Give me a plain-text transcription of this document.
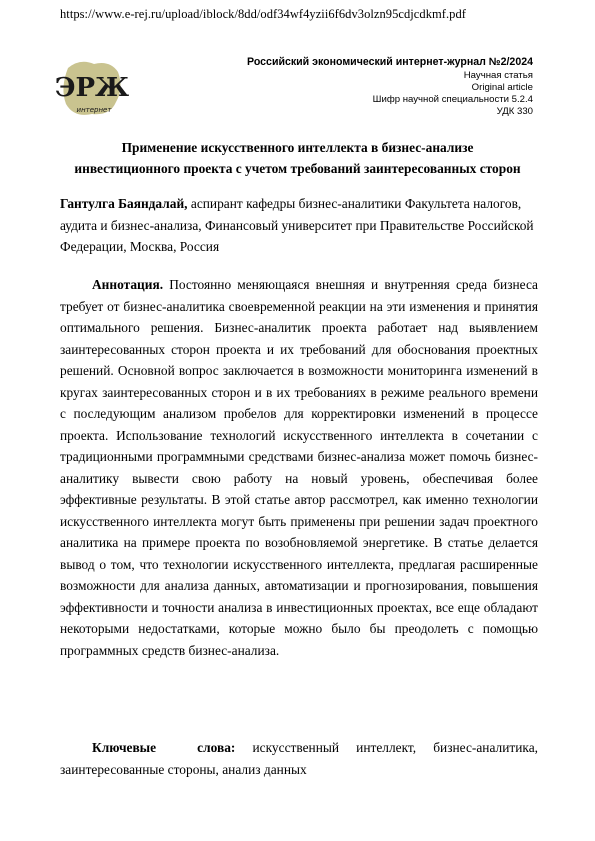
https://www.e-rej.ru/upload/iblock/8dd/odf34wf4yzii6f6dv3olzn95cdjcdkmf.pdf
ЭРЖ
интернет
Российский экономический интернет-журнал №2/2024
Научная статья
Original article
Шифр научной специальности 5.2.4
УДК 330
Применение искусственного интеллекта в бизнес-анализе
инвестиционного проекта с учетом требований заинтересованных сторон
Гантулга Баяндалай, аспирант кафедры бизнес-аналитики Факультета налогов, аудита и бизнес-анализа, Финансовый университет при Правительстве Российской Федерации, Москва, Россия
Аннотация. Постоянно меняющаяся внешняя и внутренняя среда бизнеса требует от бизнес-аналитика своевременной реакции на эти изменения и принятия оптимального решения. Бизнес-аналитик проекта работает над выявлением заинтересованных сторон проекта и их требований для обоснования проектных решений. Основной вопрос заключается в возможности мониторинга изменений в кругах заинтересованных сторон и в их требованиях в режиме реального времени с последующим анализом пробелов для корректировки изменений в процессе проекта. Использование технологий искусственного интеллекта в сочетании с традиционными программными средствами бизнес-анализа может помочь бизнес-аналитику вывести свою работу на новый уровень, обеспечивая более эффективные результаты. В этой статье автор рассмотрел, как именно технологии искусственного интеллекта могут быть применены при решении задач проектного аналитика на примере проекта по возобновляемой энергетике. В статье делается вывод о том, что технологии искусственного интеллекта, предлагая расширенные возможности для анализа данных, автоматизации и прогнозирования, повышения эффективности и точности анализа в инвестиционных проектах, все еще обладают некоторыми недостатками, которые можно было бы преодолеть с помощью программных средств бизнес-анализа.
Ключевые слова: искусственный интеллект, бизнес-аналитика, заинтересованные стороны, анализ данных
